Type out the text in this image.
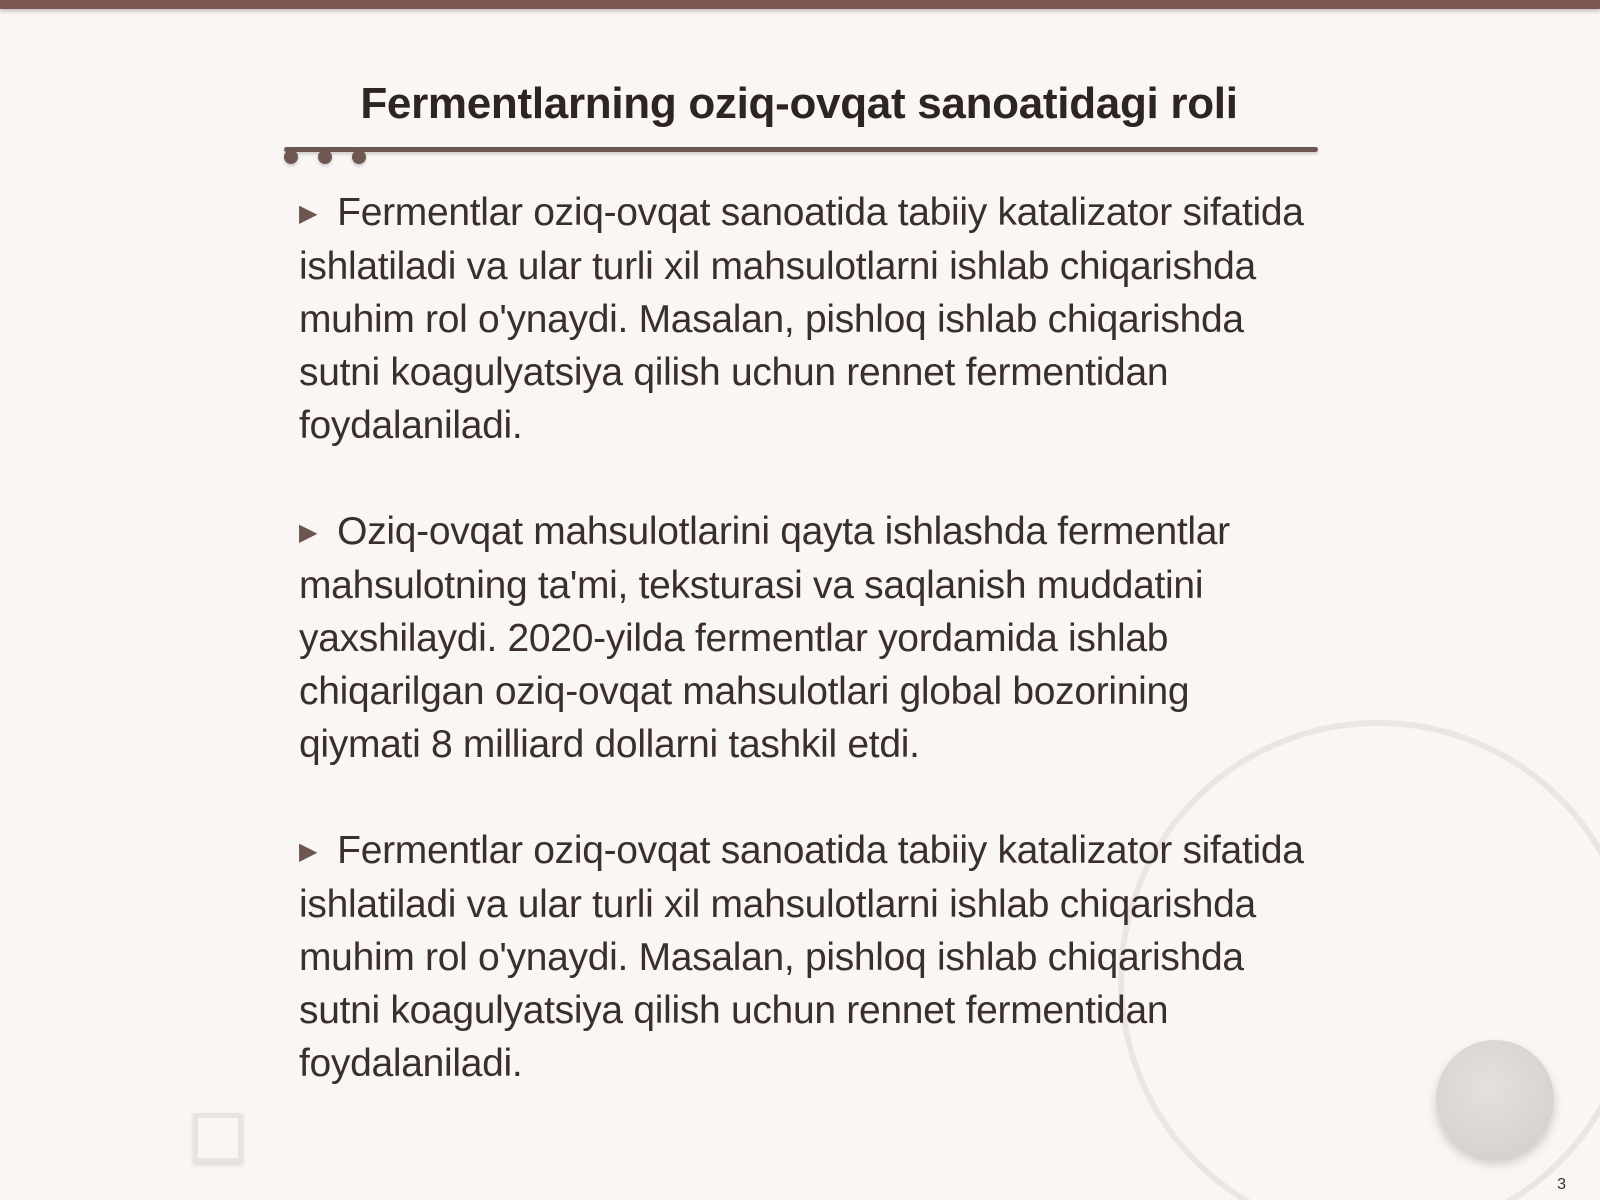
Fermentlarning oziq-ovqat sanoatidagi roli
▶ Fermentlar oziq-ovqat sanoatida tabiiy katalizator sifatida ishlatiladi va ular turli xil mahsulotlarni ishlab chiqarishda muhim rol o'ynaydi. Masalan, pishloq ishlab chiqarishda sutni koagulyatsiya qilish uchun rennet fermentidan foydalaniladi.
▶ Oziq-ovqat mahsulotlarini qayta ishlashda fermentlar mahsulotning ta'mi, teksturasi va saqlanish muddatini yaxshilaydi. 2020-yilda fermentlar yordamida ishlab chiqarilgan oziq-ovqat mahsulotlari global bozorining qiymati 8 milliard dollarni tashkil etdi.
▶ Fermentlar oziq-ovqat sanoatida tabiiy katalizator sifatida ishlatiladi va ular turli xil mahsulotlarni ishlab chiqarishda muhim rol o'ynaydi. Masalan, pishloq ishlab chiqarishda sutni koagulyatsiya qilish uchun rennet fermentidan foydalaniladi.
3
